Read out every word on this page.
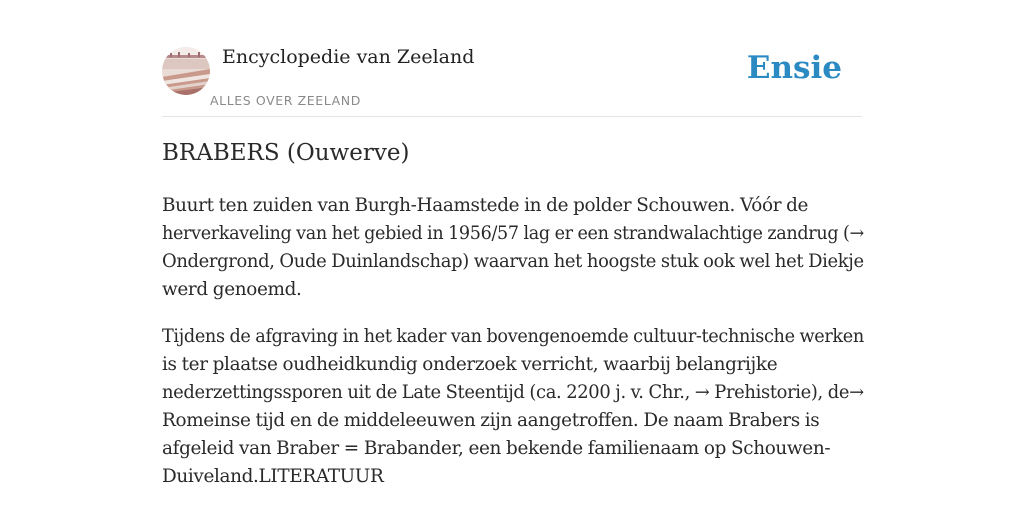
Encyclopedie van Zeeland
ALLES OVER ZEELAND
Ensie
BRABERS (Ouwerve)

Buurt ten zuiden van Burgh-Haamstede in de polder Schouwen. Vóór de
herverkaveling van het gebied in 1956/57 lag er een strandwalachtige zandrug (→
Ondergrond, Oude Duinlandschap) waarvan het hoogste stuk ook wel het Diekje
werd genoemd.

Tijdens de afgraving in het kader van bovengenoemde cultuur-technische werken
is ter plaatse oudheidkundig onderzoek verricht, waarbij belangrijke
nederzettingssporen uit de Late Steentijd (ca. 2200 j. v. Chr., → Prehistorie), de→
Romeinse tijd en de middeleeuwen zijn aangetroffen. De naam Brabers is
afgeleid van Braber = Brabander, een bekende familienaam op Schouwen-
Duiveland.LITERATUUR
